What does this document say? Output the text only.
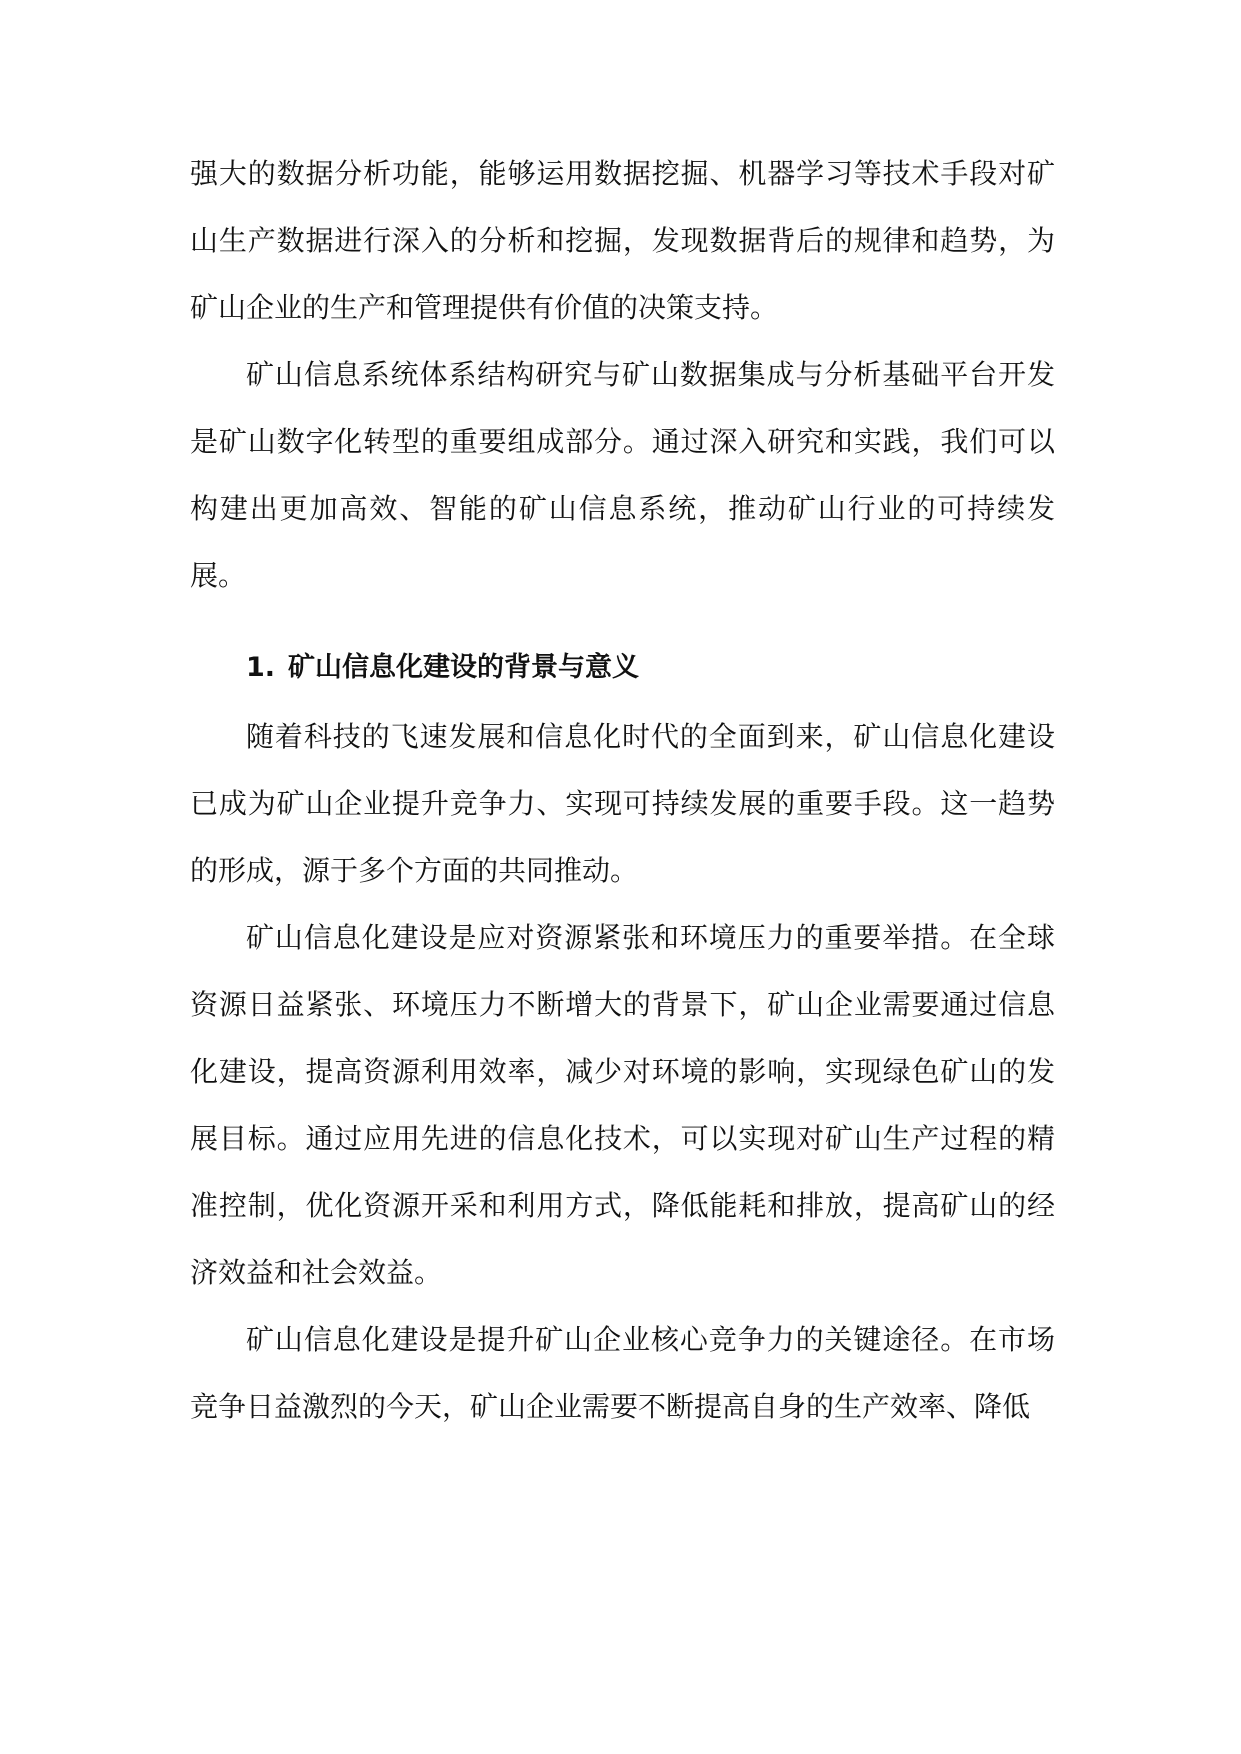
强大的数据分析功能，能够运用数据挖掘、机器学习等技术手段对矿山生产数据进行深入的分析和挖掘，发现数据背后的规律和趋势，为矿山企业的生产和管理提供有价值的决策支持。

矿山信息系统体系结构研究与矿山数据集成与分析基础平台开发是矿山数字化转型的重要组成部分。通过深入研究和实践，我们可以构建出更加高效、智能的矿山信息系统，推动矿山行业的可持续发展。

1. 矿山信息化建设的背景与意义

随着科技的飞速发展和信息化时代的全面到来，矿山信息化建设已成为矿山企业提升竞争力、实现可持续发展的重要手段。这一趋势的形成，源于多个方面的共同推动。

矿山信息化建设是应对资源紧张和环境压力的重要举措。在全球资源日益紧张、环境压力不断增大的背景下，矿山企业需要通过信息化建设，提高资源利用效率，减少对环境的影响，实现绿色矿山的发展目标。通过应用先进的信息化技术，可以实现对矿山生产过程的精准控制，优化资源开采和利用方式，降低能耗和排放，提高矿山的经济效益和社会效益。

矿山信息化建设是提升矿山企业核心竞争力的关键途径。在市场竞争日益激烈的今天，矿山企业需要不断提高自身的生产效率、降低
